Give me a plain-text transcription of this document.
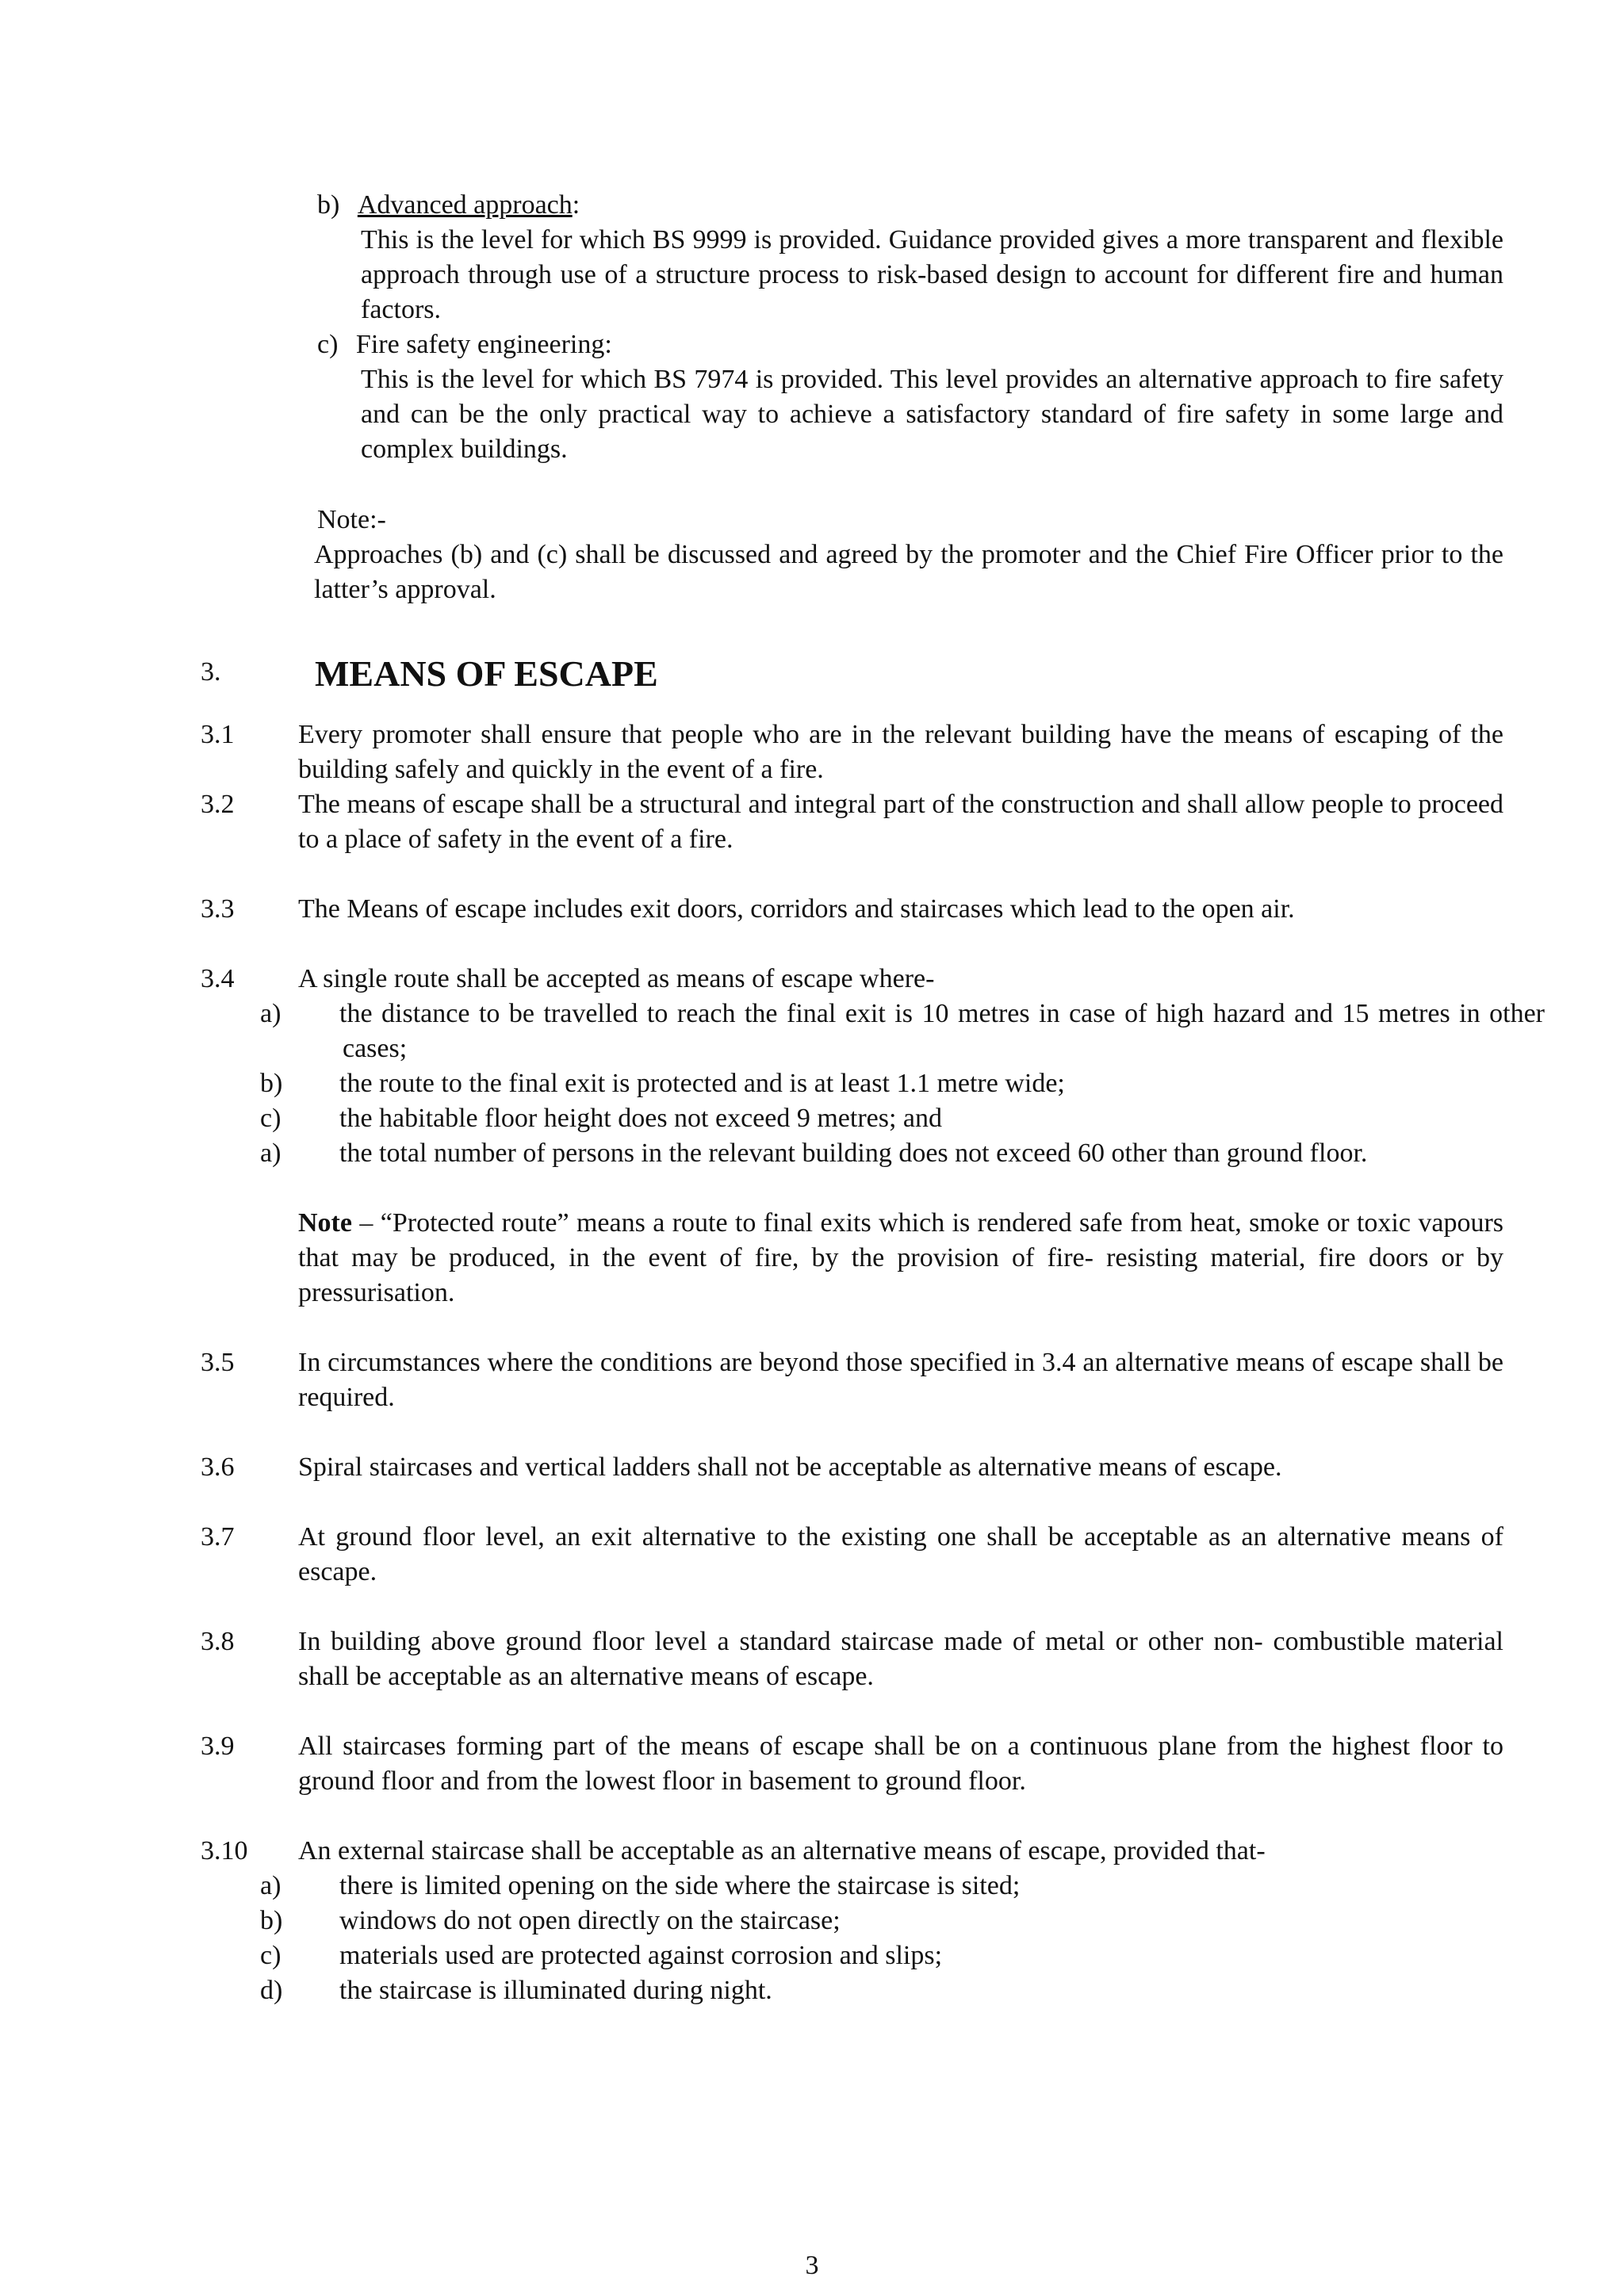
b) Advanced approach:
This is the level for which BS 9999 is provided. Guidance provided gives a more transparent and flexible approach through use of a structure process to risk-based design to account for different fire and human factors.
c) Fire safety engineering:
This is the level for which BS 7974 is provided. This level provides an alternative approach to fire safety and can be the only practical way to achieve a satisfactory standard of fire safety in some large and complex buildings.
Note:-
Approaches (b) and (c) shall be discussed and agreed by the promoter and the Chief Fire Officer prior to the latter’s approval.
3.	MEANS OF ESCAPE
3.1 Every promoter shall ensure that people who are in the relevant building have the means of escaping of the building safely and quickly in the event of a fire.
3.2 The means of escape shall be a structural and integral part of the construction and shall allow people to proceed to a place of safety in the event of a fire.
3.3 The Means of escape includes exit doors, corridors and staircases which lead to the open air.
3.4 A single route shall be accepted as means of escape where-
a) the distance to be travelled to reach the final exit is 10 metres in case of high hazard and 15 metres in other cases;
b) the route to the final exit is protected and is at least 1.1 metre wide;
c) the habitable floor height does not exceed 9 metres; and
a) the total number of persons in the relevant building does not exceed 60 other than ground floor.
Note – “Protected route” means a route to final exits which is rendered safe from heat, smoke or toxic vapours that may be produced, in the event of fire, by the provision of fire- resisting material, fire doors or by pressurisation.
3.5 In circumstances where the conditions are beyond those specified in 3.4 an alternative means of escape shall be required.
3.6 Spiral staircases and vertical ladders shall not be acceptable as alternative means of escape.
3.7 At ground floor level, an exit alternative to the existing one shall be acceptable as an alternative means of escape.
3.8 In building above ground floor level a standard staircase made of metal or other non- combustible material shall be acceptable as an alternative means of escape.
3.9 All staircases forming part of the means of escape shall be on a continuous plane from the highest floor to ground floor and from the lowest floor in basement to ground floor.
3.10 An external staircase shall be acceptable as an alternative means of escape, provided that-
a) there is limited opening on the side where the staircase is sited;
b) windows do not open directly on the staircase;
c) materials used are protected against corrosion and slips;
d) the staircase is illuminated during night.
3
